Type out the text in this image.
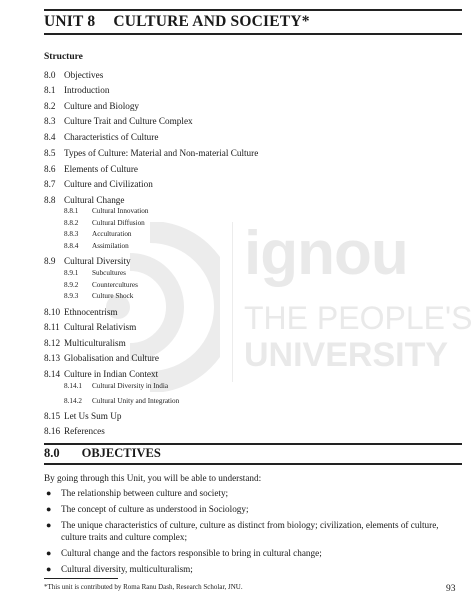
ignou
THE PEOPLE'S
UNIVERSITY
UNIT 8 CULTURE AND SOCIETY*
Structure
8.0 Objectives
8.1 Introduction
8.2 Culture and Biology
8.3 Culture Trait and Culture Complex
8.4 Characteristics of Culture
8.5 Types of Culture: Material and Non-material Culture
8.6 Elements of Culture
8.7 Culture and Civilization
8.8 Cultural Change
8.8.1 Cultural Innovation
8.8.2 Cultural Diffusion
8.8.3 Acculturation
8.8.4 Assimilation
8.9 Cultural Diversity
8.9.1 Subcultures
8.9.2 Countercultures
8.9.3 Culture Shock
8.10 Ethnocentrism
8.11 Cultural Relativism
8.12 Multiculturalism
8.13 Globalisation and Culture
8.14 Culture in Indian Context
8.14.1 Cultural Diversity in India
8.14.2 Cultural Unity and Integration
8.15 Let Us Sum Up
8.16 References
8.0 OBJECTIVES
By going through this Unit, you will be able to understand:
● The relationship between culture and society;
● The concept of culture as understood in Sociology;
● The unique characteristics of culture, culture as distinct from biology; civilization, elements of culture, culture traits and culture complex;
● Cultural change and the factors responsible to bring in cultural change;
● Cultural diversity, multiculturalism;
*This unit is contributed by Roma Ranu Dash, Research Scholar, JNU.	93
